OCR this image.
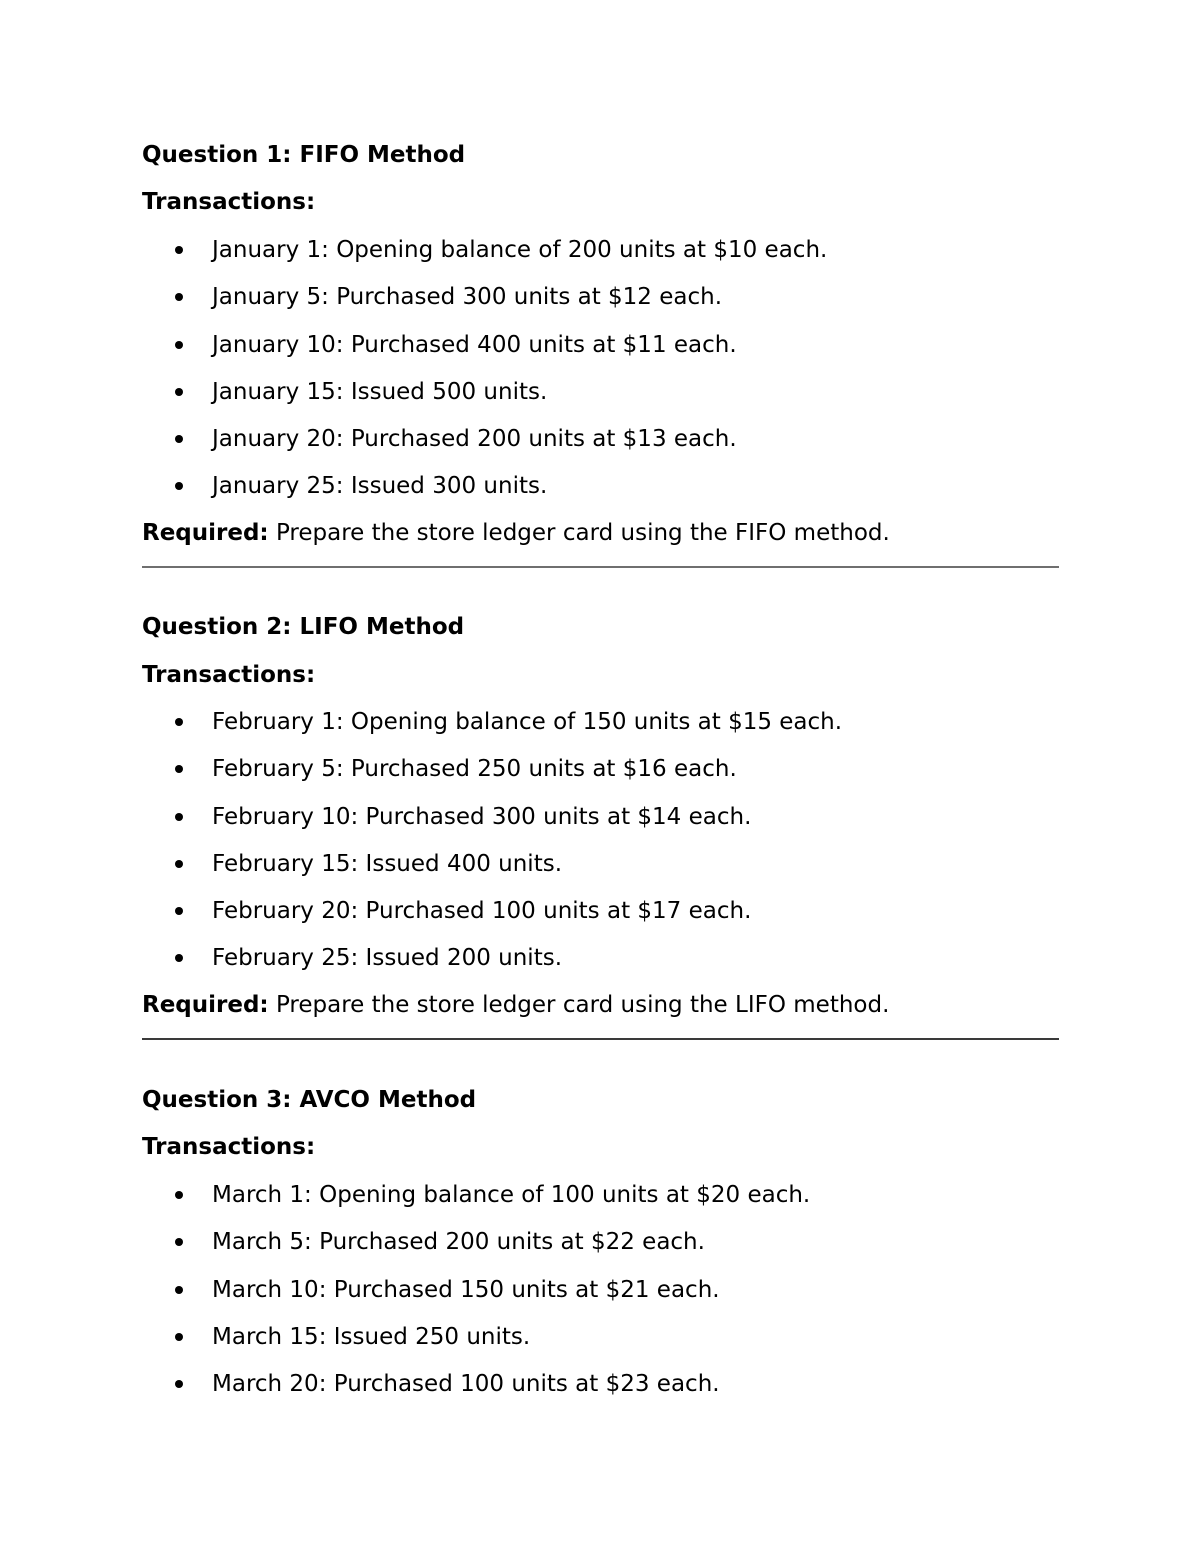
Question 1: FIFO Method
Transactions:
January 1: Opening balance of 200 units at $10 each.
January 5: Purchased 300 units at $12 each.
January 10: Purchased 400 units at $11 each.
January 15: Issued 500 units.
January 20: Purchased 200 units at $13 each.
January 25: Issued 300 units.
Required: Prepare the store ledger card using the FIFO method.
Question 2: LIFO Method
Transactions:
February 1: Opening balance of 150 units at $15 each.
February 5: Purchased 250 units at $16 each.
February 10: Purchased 300 units at $14 each.
February 15: Issued 400 units.
February 20: Purchased 100 units at $17 each.
February 25: Issued 200 units.
Required: Prepare the store ledger card using the LIFO method.
Question 3: AVCO Method
Transactions:
March 1: Opening balance of 100 units at $20 each.
March 5: Purchased 200 units at $22 each.
March 10: Purchased 150 units at $21 each.
March 15: Issued 250 units.
March 20: Purchased 100 units at $23 each.
